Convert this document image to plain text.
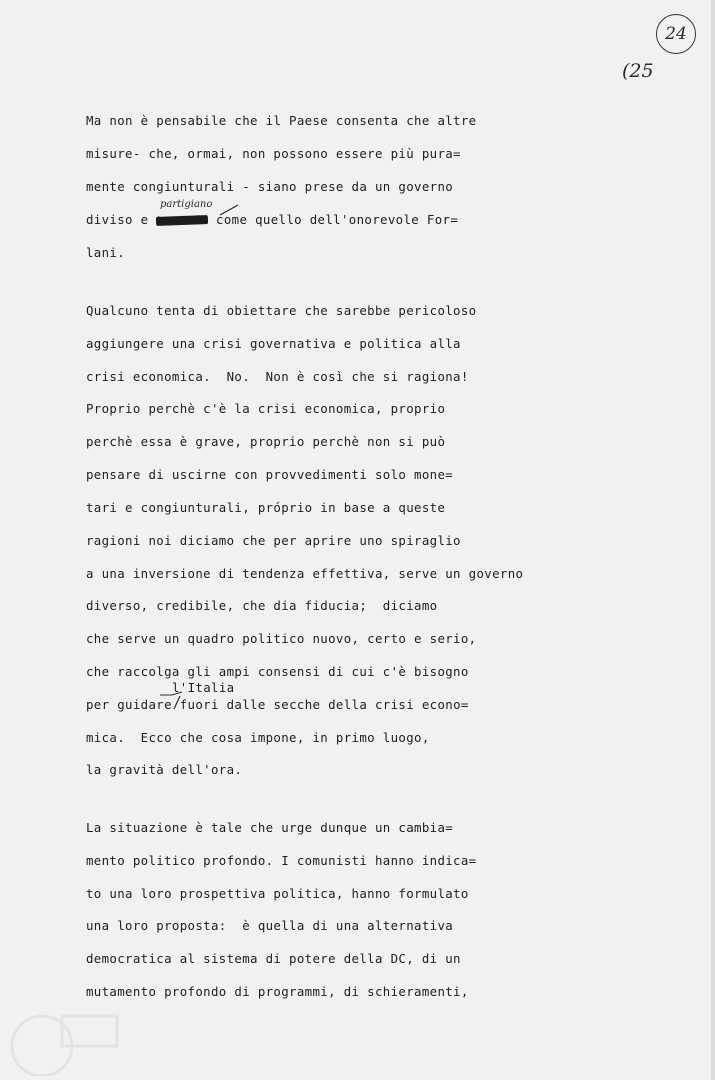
24
(25
Ma non è pensabile che il Paese consenta che altre
misure- che, ormai, non possono essere più pura=
mente congiunturali - siano prese da un governo
diviso e impotente come quello dell'onorevole For=
partigiano
lani.
Qualcuno tenta di obiettare che sarebbe pericoloso
aggiungere una crisi governativa e politica alla
crisi economica.  No.  Non è così che si ragiona!
Proprio perchè c'è la crisi economica, proprio
perchè essa è grave, proprio perchè non si può
pensare di uscirne con provvedimenti solo mone=
tari e congiunturali, próprio in base a queste
ragioni noi diciamo che per aprire uno spiraglio
a una inversione di tendenza effettiva, serve un governo
diverso, credibile, che dia fiducia;  diciamo
che serve un quadro politico nuovo, certo e serio,
che raccolga gli ampi consensi di cui c'è bisogno
l'Italia
per guidare fuori dalle secche della crisi econo=
mica.  Ecco che cosa impone, in primo luogo,
la gravità dell'ora.
La situazione è tale che urge dunque un cambia=
mento politico profondo. I comunisti hanno indica=
to una loro prospettiva politica, hanno formulato
una loro proposta:  è quella di una alternativa
democratica al sistema di potere della DC, di un
mutamento profondo di programmi, di schieramenti,
